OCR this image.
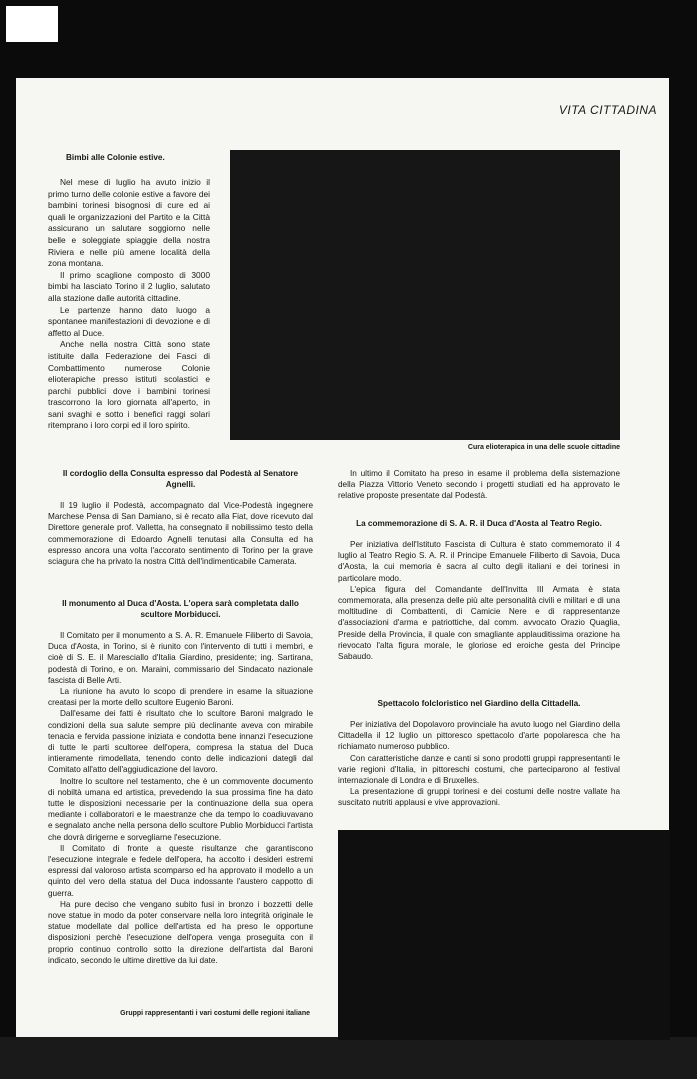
VITA CITTADINA

Bimbi alle Colonie estive.

Nel mese di luglio ha avuto inizio il primo turno delle colonie estive a favore dei bambini torinesi bisognosi di cure ed ai quali le organizzazioni del Partito e la Città assicurano un salutare soggiorno nelle belle e soleggiate spiaggie della nostra Riviera e nelle più amene località della zona montana.

Il primo scaglione composto di 3000 bimbi ha lasciato Torino il 2 luglio, salutato alla stazione dalle autorità cittadine.

Le partenze hanno dato luogo a spontanee manifestazioni di devozione e di affetto al Duce.

Anche nella nostra Città sono state istituite dalla Federazione dei Fasci di Combattimento numerose Colonie elioterapiche presso istituti scolastici e parchi pubblici dove i bambini torinesi trascorrono la loro giornata all'aperto, in sani svaghi e sotto i benefici raggi solari ritemprano i loro corpi ed il loro spirito.

Cura elioterapica in una delle scuole cittadine

Il cordoglio della Consulta espresso dal Podestà al Senatore Agnelli.

Il 19 luglio il Podestà, accompagnato dal Vice-Podestà ingegnere Marchese Pensa di San Damiano, si è recato alla Fiat, dove ricevuto dal Direttore generale prof. Valletta, ha consegnato il nobilissimo testo della commemorazione di Edoardo Agnelli tenutasi alla Consulta ed ha espresso ancora una volta l'accorato sentimento di Torino per la grave sciagura che ha privato la nostra Città dell'indimenticabile Camerata.

Il monumento al Duca d'Aosta. L'opera sarà completata dallo scultore Morbiducci.

Il Comitato per il monumento a S. A. R. Emanuele Filiberto di Savoia, Duca d'Aosta, in Torino, si è riunito con l'intervento di tutti i membri, e cioè di S. E. il Maresciallo d'Italia Giardino, presidente; ing. Sartirana, podestà di Torino, e on. Maraini, commissario del Sindacato nazionale fascista di Belle Arti.

La riunione ha avuto lo scopo di prendere in esame la situazione creatasi per la morte dello scultore Eugenio Baroni.

Dall'esame dei fatti è risultato che lo scultore Baroni malgrado le condizioni della sua salute sempre più declinante aveva con mirabile tenacia e fervida passione iniziata e condotta bene innanzi l'esecuzione di tutte le parti scultoree dell'opera, compresa la statua del Duca intieramente rimodellata, tenendo conto delle indicazioni dategli dal Comitato all'atto dell'aggiudicazione del lavoro.

Inoltre lo scultore nel testamento, che è un commovente documento di nobiltà umana ed artistica, prevedendo la sua prossima fine ha dato tutte le disposizioni necessarie per la continuazione della sua opera mediante i collaboratori e le maestranze che da tempo lo coadiuvavano e segnalato anche nella persona dello scultore Publio Morbiducci l'artista che dovrà dirigerne e sorvegliarne l'esecuzione.

Il Comitato di fronte a queste risultanze che garantiscono l'esecuzione integrale e fedele dell'opera, ha accolto i desideri estremi espressi dal valoroso artista scomparso ed ha approvato il modello a un quinto del vero della statua del Duca indossante l'austero cappotto di guerra.

Ha pure deciso che vengano subito fusi in bronzo i bozzetti delle nove statue in modo da poter conservare nella loro integrità originale le statue modellate dal pollice dell'artista ed ha preso le opportune disposizioni perchè l'esecuzione dell'opera venga proseguita con il proprio continuo controllo sotto la direzione dell'artista dal Baroni indicato, secondo le ultime direttive da lui date.

Gruppi rappresentanti i vari costumi delle regioni italiane

In ultimo il Comitato ha preso in esame il problema della sistemazione della Piazza Vittorio Veneto secondo i progetti studiati ed ha approvato le relative proposte presentate dal Podestà.

La commemorazione di S. A. R. il Duca d'Aosta al Teatro Regio.

Per iniziativa dell'Istituto Fascista di Cultura è stato commemorato il 4 luglio al Teatro Regio S. A. R. il Principe Emanuele Filiberto di Savoia, Duca d'Aosta, la cui memoria è sacra al culto degli italiani e dei torinesi in particolare modo.

L'epica figura del Comandante dell'Invitta III Armata è stata commemorata, alla presenza delle più alte personalità civili e militari e di una moltitudine di Combattenti, di Camicie Nere e di rappresentanze d'associazioni d'arma e patriottiche, dal comm. avvocato Orazio Quaglia, Preside della Provincia, il quale con smagliante applauditissima orazione ha rievocato l'alta figura morale, le gloriose ed eroiche gesta del Principe Sabaudo.

Spettacolo folcloristico nel Giardino della Cittadella.

Per iniziativa del Dopolavoro provinciale ha avuto luogo nel Giardino della Cittadella il 12 luglio un pittoresco spettacolo d'arte popolaresca che ha richiamato numeroso pubblico.

Con caratteristiche danze e canti si sono prodotti gruppi rappresentanti le varie regioni d'Italia, in pittoreschi costumi, che parteciparono al festival internazionale di Londra e di Bruxelles.

La presentazione di gruppi torinesi e dei costumi delle nostre vallate ha suscitato nutriti applausi e vive approvazioni.
